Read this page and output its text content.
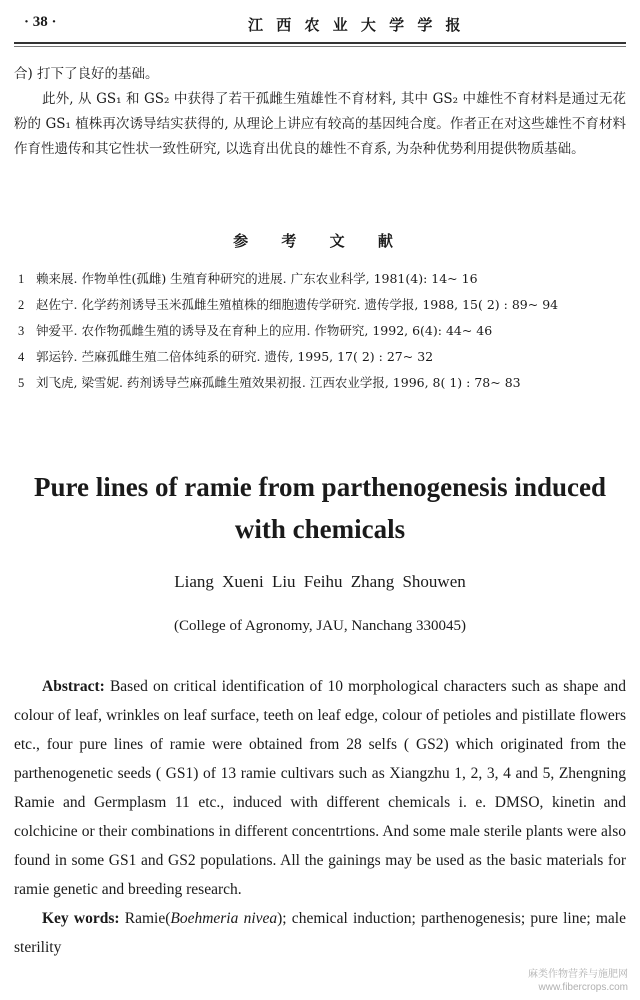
· 38 ·	江 西 农 业 大 学 学 报

合) 打下了良好的基础。

此外, 从 GS₁ 和 GS₂ 中获得了若干孤雌生殖雄性不育材料, 其中 GS₂ 中雄性不育材料是通过无花粉的 GS₁ 植株再次诱导结实获得的, 从理论上讲应有较高的基因纯合度。作者正在对这些雄性不育材料作育性遗传和其它性状一致性研究, 以选育出优良的雄性不育系, 为杂种优势利用提供物质基础。

参 考 文 献
1 赖来展. 作物单性(孤雌) 生殖育种研究的进展. 广东农业科学, 1981(4): 14~ 16
2 赵佐宁. 化学药剂诱导玉米孤雌生殖植株的细胞遗传学研究. 遗传学报, 1988, 15( 2) : 89~ 94
3 钟爱平. 农作物孤雌生殖的诱导及在育种上的应用. 作物研究, 1992, 6(4): 44~ 46
4 郭运钤. 苎麻孤雌生殖二倍体纯系的研究. 遗传, 1995, 17( 2) : 27~ 32
5 刘飞虎, 梁雪妮. 药剂诱导苎麻孤雌生殖效果初报. 江西农业学报, 1996, 8( 1) : 78~ 83
Pure lines of ramie from parthenogenesis induced
with chemicals
Liang Xueni Liu Feihu Zhang Shouwen
(College of Agronomy, JAU, Nanchang 330045)

Abstract: Based on critical identification of 10 morphological characters such as shape and colour of leaf, wrinkles on leaf surface, teeth on leaf edge, colour of petioles and pistillate flowers etc., four pure lines of ramie were obtained from 28 selfs ( GS2) which originated from the parthenogenetic seeds ( GS1) of 13 ramie cultivars such as Xiangzhu 1, 2, 3, 4 and 5, Zhengning Ramie and Germplasm 11 etc., induced with different chemicals i. e. DMSO, kinetin and colchicine or their combinations in different concentrtions. And some male sterile plants were also found in some GS1 and GS2 populations. All the gainings may be used as the basic materials for ramie genetic and breeding research.

Key words: Ramie(Boehmeria nivea); chemical induction; parthenogenesis; pure line; male sterility

麻类作物营养与施肥网
www.fibercrops.com
